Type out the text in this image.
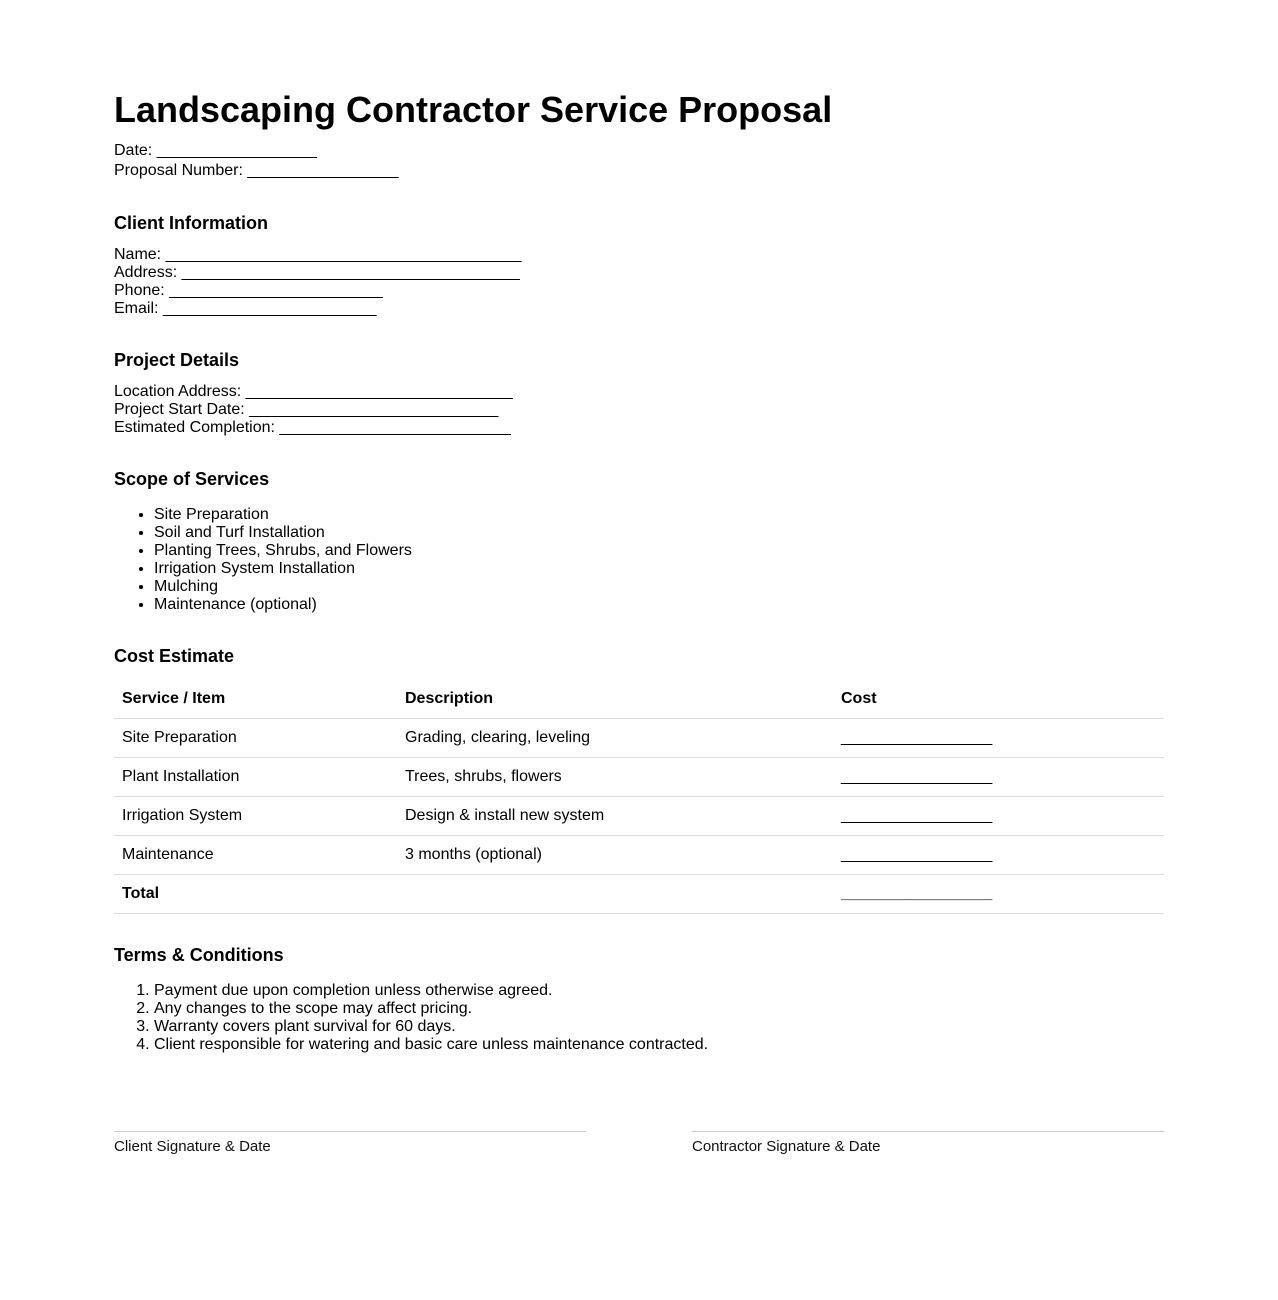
Landscaping Contractor Service Proposal
Date: __________________
Proposal Number: _________________
Client Information
Name: ________________________________________
Address: ______________________________________
Phone: ________________________
Email: ________________________
Project Details
Location Address: ______________________________
Project Start Date: ____________________________
Estimated Completion: __________________________
Scope of Services
• Site Preparation
• Soil and Turf Installation
• Planting Trees, Shrubs, and Flowers
• Irrigation System Installation
• Mulching
• Maintenance (optional)
Cost Estimate
Service / Item	Description	Cost
Site Preparation	Grading, clearing, leveling	_________________
Plant Installation	Trees, shrubs, flowers	_________________
Irrigation System	Design & install new system	_________________
Maintenance	3 months (optional)	_________________
Total		_________________
Terms & Conditions
1. Payment due upon completion unless otherwise agreed.
2. Any changes to the scope may affect pricing.
3. Warranty covers plant survival for 60 days.
4. Client responsible for watering and basic care unless maintenance contracted.
Client Signature & Date	Contractor Signature & Date
